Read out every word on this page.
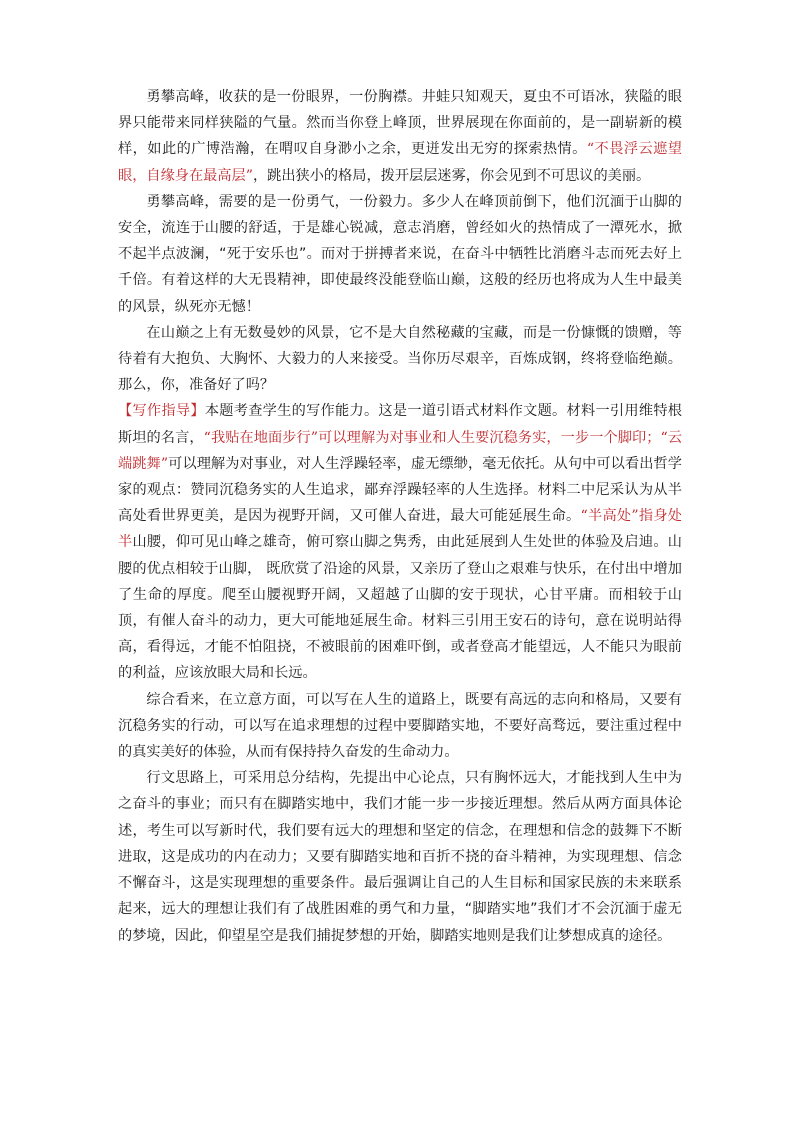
勇攀高峰，收获的是一份眼界，一份胸襟。井蛙只知观天，夏虫不可语冰，狭隘的眼界只能带来同样狭隘的气量。然而当你登上峰顶，世界展现在你面前的，是一副崭新的模样，如此的广博浩瀚，在喟叹自身渺小之余，更迸发出无穷的探索热情。“不畏浮云遮望眼，自缘身在最高层”，跳出狭小的格局，拨开层层迷雾，你会见到不可思议的美丽。

勇攀高峰，需要的是一份勇气，一份毅力。多少人在峰顶前倒下，他们沉湎于山脚的安全，流连于山腰的舒适，于是雄心锐减，意志消磨，曾经如火的热情成了一潭死水，掀不起半点波澜，“死于安乐也”。而对于拼搏者来说，在奋斗中牺牲比消磨斗志而死去好上千倍。有着这样的大无畏精神，即使最终没能登临山巅，这般的经历也将成为人生中最美的风景，纵死亦无憾！

在山巅之上有无数曼妙的风景，它不是大自然秘藏的宝藏，而是一份慷慨的馈赠，等待着有大抱负、大胸怀、大毅力的人来接受。当你历尽艰辛，百炼成钢，终将登临绝巅。那么，你，准备好了吗？

【写作指导】本题考查学生的写作能力。这是一道引语式材料作文题。材料一引用维特根斯坦的名言，“我贴在地面步行”可以理解为对事业和人生要沉稳务实，一步一个脚印；“云端跳舞”可以理解为对事业，对人生浮躁轻率，虚无缥缈，毫无依托。从句中可以看出哲学家的观点：赞同沉稳务实的人生追求，鄙弃浮躁轻率的人生选择。材料二中尼采认为从半高处看世界更美，是因为视野开阔，又可催人奋进，最大可能延展生命。“半高处”指身处半山腰，仰可见山峰之雄奇，俯可察山脚之隽秀，由此延展到人生处世的体验及启迪。山腰的优点相较于山脚， 既欣赏了沿途的风景，又亲历了登山之艰难与快乐，在付出中增加了生命的厚度。爬至山腰视野开阔，又超越了山脚的安于现状，心甘平庸。而相较于山顶，有催人奋斗的动力，更大可能地延展生命。材料三引用王安石的诗句，意在说明站得高，看得远，才能不怕阻挠，不被眼前的困难吓倒，或者登高才能望远，人不能只为眼前的利益，应该放眼大局和长远。

综合看来，在立意方面，可以写在人生的道路上，既要有高远的志向和格局，又要有沉稳务实的行动，可以写在追求理想的过程中要脚踏实地，不要好高骛远，要注重过程中的真实美好的体验，从而有保持持久奋发的生命动力。

行文思路上，可采用总分结构，先提出中心论点，只有胸怀远大，才能找到人生中为之奋斗的事业；而只有在脚踏实地中，我们才能一步一步接近理想。然后从两方面具体论述，考生可以写新时代，我们要有远大的理想和坚定的信念，在理想和信念的鼓舞下不断进取，这是成功的内在动力；又要有脚踏实地和百折不挠的奋斗精神，为实现理想、信念不懈奋斗，这是实现理想的重要条件。最后强调让自己的人生目标和国家民族的未来联系起来，远大的理想让我们有了战胜困难的勇气和力量，“脚踏实地”我们才不会沉湎于虚无的梦境，因此，仰望星空是我们捕捉梦想的开始，脚踏实地则是我们让梦想成真的途径。
